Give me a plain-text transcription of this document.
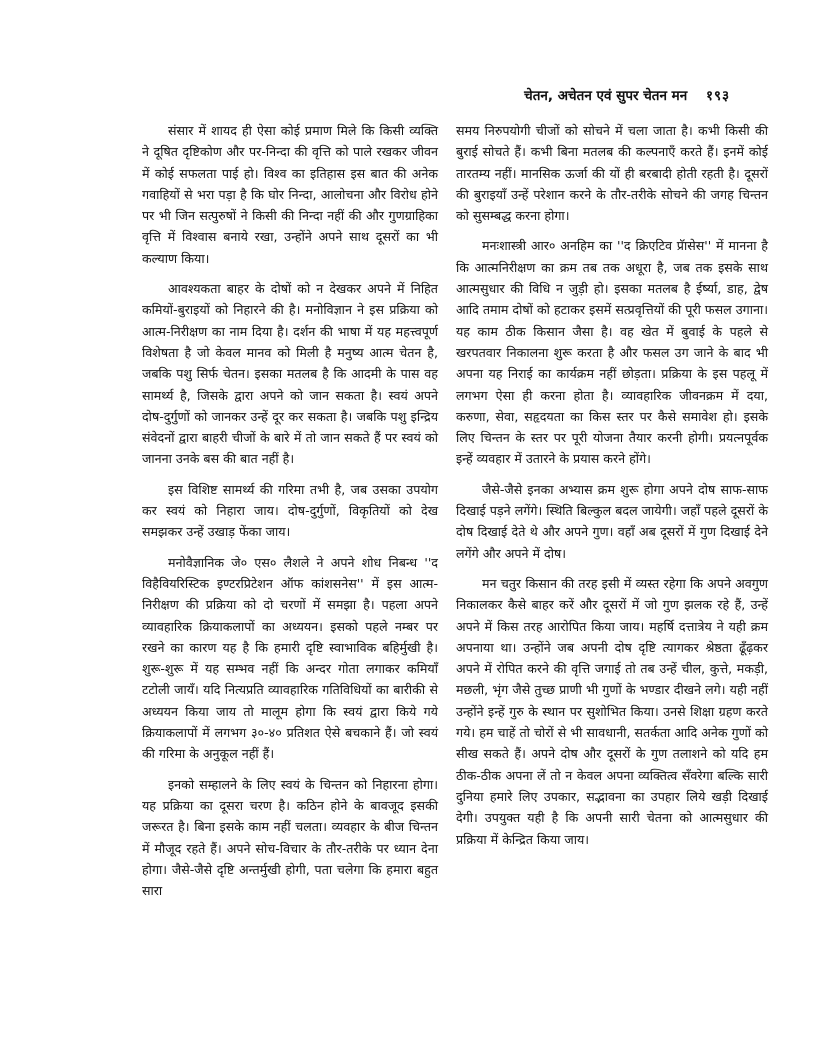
चेतन, अचेतन एवं सुपर चेतन मन १९३

संसार में शायद ही ऐसा कोई प्रमाण मिले कि किसी व्यक्ति ने दूषित दृष्टिकोण और पर-निन्दा की वृत्ति को पाले रखकर जीवन में कोई सफलता पाई हो। विश्व का इतिहास इस बात की अनेक गवाहियों से भरा पड़ा है कि घोर निन्दा, आलोचना और विरोध होने पर भी जिन सत्पुरुषों ने किसी की निन्दा नहीं की और गुणग्राहिका वृत्ति में विश्वास बनाये रखा, उन्होंने अपने साथ दूसरों का भी कल्याण किया।

आवश्यकता बाहर के दोषों को न देखकर अपने में निहित कमियों-बुराइयों को निहारने की है। मनोविज्ञान ने इस प्रक्रिया को आत्म-निरीक्षण का नाम दिया है। दर्शन की भाषा में यह महत्त्वपूर्ण विशेषता है जो केवल मानव को मिली है मनुष्य आत्म चेतन है, जबकि पशु सिर्फ चेतन। इसका मतलब है कि आदमी के पास वह सामर्थ्य है, जिसके द्वारा अपने को जान सकता है। स्वयं अपने दोष-दुर्गुणों को जानकर उन्हें दूर कर सकता है। जबकि पशु इन्द्रिय संवेदनों द्वारा बाहरी चीजों के बारे में तो जान सकते हैं पर स्वयं को जानना उनके बस की बात नहीं है।

इस विशिष्ट सामर्थ्य की गरिमा तभी है, जब उसका उपयोग कर स्वयं को निहारा जाय। दोष-दुर्गुणों, विकृतियों को देख समझकर उन्हें उखाड़ फेंका जाय।

मनोवैज्ञानिक जे० एस० लैशले ने अपने शोध निबन्ध ''द विहैवियरिस्टिक इण्टरप्रिटेशन ऑफ कांशसनेस'' में इस आत्म-निरीक्षण की प्रक्रिया को दो चरणों में समझा है। पहला अपने व्यावहारिक क्रियाकलापों का अध्ययन। इसको पहले नम्बर पर रखने का कारण यह है कि हमारी दृष्टि स्वाभाविक बहिर्मुखी है। शुरू-शुरू में यह सम्भव नहीं कि अन्दर गोता लगाकर कमियाँ टटोली जायँ। यदि नित्यप्रति व्यावहारिक गतिविधियों का बारीकी से अध्ययन किया जाय तो मालूम होगा कि स्वयं द्वारा किये गये क्रियाकलापों में लगभग ३०-४० प्रतिशत ऐसे बचकाने हैं। जो स्वयं की गरिमा के अनुकूल नहीं हैं।

इनको सम्हालने के लिए स्वयं के चिन्तन को निहारना होगा। यह प्रक्रिया का दूसरा चरण है। कठिन होने के बावजूद इसकी जरूरत है। बिना इसके काम नहीं चलता। व्यवहार के बीज चिन्तन में मौजूद रहते हैं। अपने सोच-विचार के तौर-तरीके पर ध्यान देना होगा। जैसे-जैसे दृष्टि अन्तर्मुखी होगी, पता चलेगा कि हमारा बहुत सारा

समय निरुपयोगी चीजों को सोचने में चला जाता है। कभी किसी की बुराई सोचते हैं। कभी बिना मतलब की कल्पनाएँ करते हैं। इनमें कोई तारतम्य नहीं। मानसिक ऊर्जा की यों ही बरबादी होती रहती है। दूसरों की बुराइयाँ उन्हें परेशान करने के तौर-तरीके सोचने की जगह चिन्तन को सुसम्बद्ध करना होगा।

मनःशास्त्री आर० अनहिम का ''द क्रिएटिव प्रॅासेस'' में मानना है कि आत्मनिरीक्षण का क्रम तब तक अधूरा है, जब तक इसके साथ आत्मसुधार की विधि न जुड़ी हो। इसका मतलब है ईर्ष्या, डाह, द्वेष आदि तमाम दोषों को हटाकर इसमें सत्प्रवृत्तियों की पूरी फसल उगाना। यह काम ठीक किसान जैसा है। वह खेत में बुवाई के पहले से खरपतवार निकालना शुरू करता है और फसल उग जाने के बाद भी अपना यह निराई का कार्यक्रम नहीं छोड़ता। प्रक्रिया के इस पहलू में लगभग ऐसा ही करना होता है। व्यावहारिक जीवनक्रम में दया, करुणा, सेवा, सहृदयता का किस स्तर पर कैसे समावेश हो। इसके लिए चिन्तन के स्तर पर पूरी योजना तैयार करनी होगी। प्रयत्नपूर्वक इन्हें व्यवहार में उतारने के प्रयास करने होंगे।

जैसे-जैसे इनका अभ्यास क्रम शुरू होगा अपने दोष साफ-साफ दिखाई पड़ने लगेंगे। स्थिति बिल्कुल बदल जायेगी। जहाँ पहले दूसरों के दोष दिखाई देते थे और अपने गुण। वहाँ अब दूसरों में गुण दिखाई देने लगेंगे और अपने में दोष।

मन चतुर किसान की तरह इसी में व्यस्त रहेगा कि अपने अवगुण निकालकर कैसे बाहर करें और दूसरों में जो गुण झलक रहे हैं, उन्हें अपने में किस तरह आरोपित किया जाय। महर्षि दत्तात्रेय ने यही क्रम अपनाया था। उन्होंने जब अपनी दोष दृष्टि त्यागकर श्रेष्ठता ढूँढ़कर अपने में रोपित करने की वृत्ति जगाई तो तब उन्हें चील, कुत्ते, मकड़ी, मछली, भृंग जैसे तुच्छ प्राणी भी गुणों के भण्डार दीखने लगे। यही नहीं उन्होंने इन्हें गुरु के स्थान पर सुशोभित किया। उनसे शिक्षा ग्रहण करते गये। हम चाहें तो चोरों से भी सावधानी, सतर्कता आदि अनेक गुणों को सीख सकते हैं। अपने दोष और दूसरों के गुण तलाशने को यदि हम ठीक-ठीक अपना लें तो न केवल अपना व्यक्तित्व सँवरेगा बल्कि सारी दुनिया हमारे लिए उपकार, सद्भावना का उपहार लिये खड़ी दिखाई देगी। उपयुक्त यही है कि अपनी सारी चेतना को आत्मसुधार की प्रक्रिया में केन्द्रित किया जाय।
